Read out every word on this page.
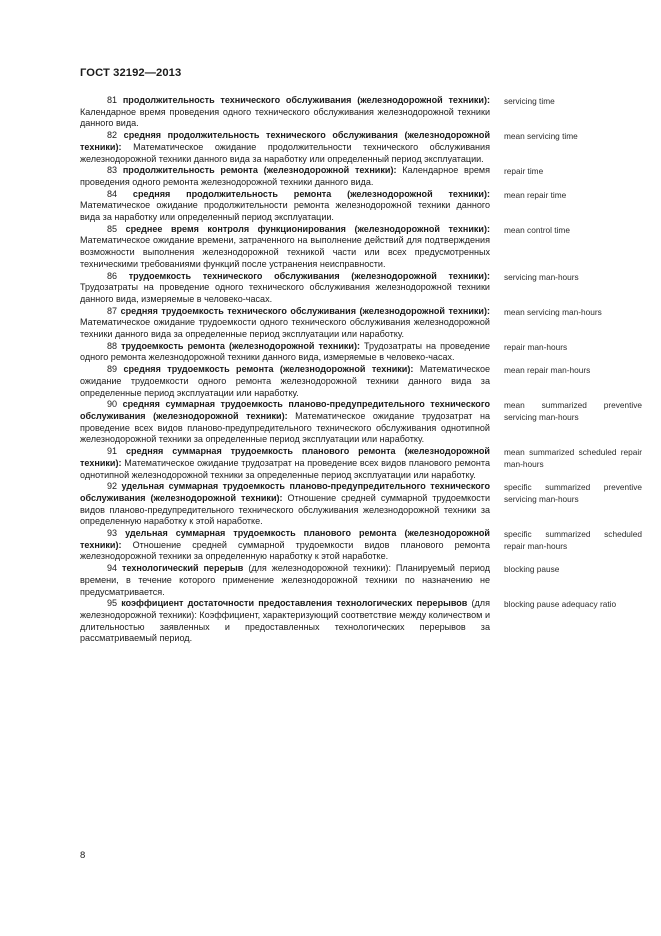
ГОСТ 32192—2013
81 продолжительность технического обслуживания (железнодорожной техники): Календарное время проведения одного технического обслуживания железнодорожной техники данного вида.
servicing time
82 средняя продолжительность технического обслуживания (железнодорожной техники): Математическое ожидание продолжительности технического обслуживания железнодорожной техники данного вида за наработку или определенный период эксплуатации.
mean servicing time
83 продолжительность ремонта (железнодорожной техники): Календарное время проведения одного ремонта железнодорожной техники данного вида.
repair time
84 средняя продолжительность ремонта (железнодорожной техники): Математическое ожидание продолжительности ремонта железнодорожной техники данного вида за наработку или определенный период эксплуатации.
mean repair time
85 среднее время контроля функционирования (железнодорожной техники): Математическое ожидание времени, затраченного на выполнение действий для подтверждения возможности выполнения железнодорожной техникой части или всех предусмотренных техническими требованиями функций после устранения неисправности.
mean control time
86 трудоемкость технического обслуживания (железнодорожной техники): Трудозатраты на проведение одного технического обслуживания железнодорожной техники данного вида, измеряемые в человеко-часах.
servicing man-hours
87 средняя трудоемкость технического обслуживания (железнодорожной техники): Математическое ожидание трудоемкости одного технического обслуживания железнодорожной техники данного вида за определенные период эксплуатации или наработку.
mean servicing man-hours
88 трудоемкость ремонта (железнодорожной техники): Трудозатраты на проведение одного ремонта железнодорожной техники данного вида, измеряемые в человеко-часах.
repair man-hours
89 средняя трудоемкость ремонта (железнодорожной техники): Математическое ожидание трудоемкости одного ремонта железнодорожной техники данного вида за определенные период эксплуатации или наработку.
mean repair man-hours
90 средняя суммарная трудоемкость планово-предупредительного технического обслуживания (железнодорожной техники): Математическое ожидание трудозатрат на проведение всех видов планово-предупредительного технического обслуживания однотипной железнодорожной техники за определенные период эксплуатации или наработку.
mean summarized preventive servicing man-hours
91 средняя суммарная трудоемкость планового ремонта (железнодорожной техники): Математическое ожидание трудозатрат на проведение всех видов планового ремонта однотипной железнодорожной техники за определенные период эксплуатации или наработку.
mean summarized scheduled repair man-hours
92 удельная суммарная трудоемкость планово-предупредительного технического обслуживания (железнодорожной техники): Отношение средней суммарной трудоемкости видов планово-предупредительного технического обслуживания железнодорожной техники за определенную наработку к этой наработке.
specific summarized preventive servicing man-hours
93 удельная суммарная трудоемкость планового ремонта (железнодорожной техники): Отношение средней суммарной трудоемкости видов планового ремонта железнодорожной техники за определенную наработку к этой наработке.
specific summarized scheduled repair man-hours
94 технологический перерыв (для железнодорожной техники): Планируемый период времени, в течение которого применение железнодорожной техники по назначению не предусматривается.
blocking pause
95 коэффициент достаточности предоставления технологических перерывов (для железнодорожной техники): Коэффициент, характеризующий соответствие между количеством и длительностью заявленных и предоставленных технологических перерывов за рассматриваемый период.
blocking pause adequacy ratio
8
